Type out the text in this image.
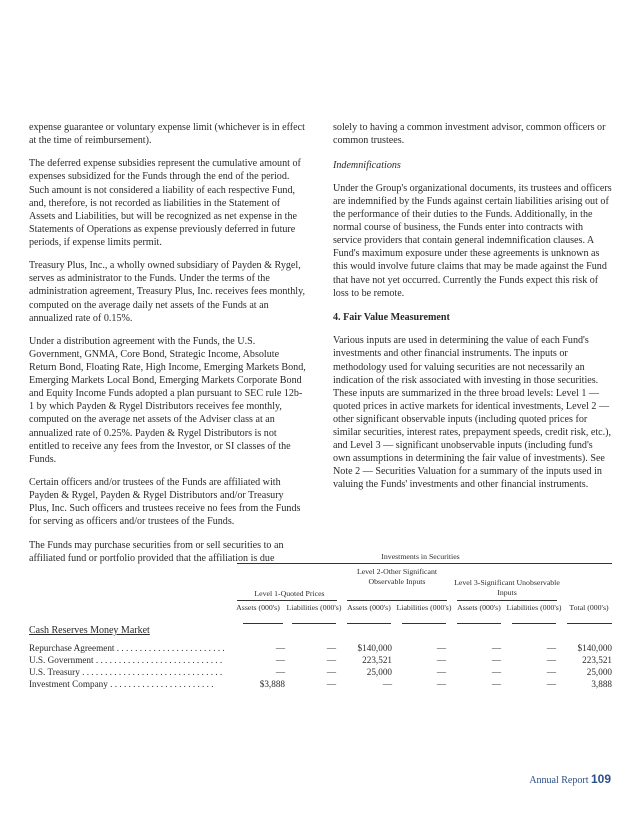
expense guarantee or voluntary expense limit (whichever is in effect at the time of reimbursement).

The deferred expense subsidies represent the cumulative amount of expenses subsidized for the Funds through the end of the period. Such amount is not considered a liability of each respective Fund, and, therefore, is not recorded as liabilities in the Statement of Assets and Liabilities, but will be recognized as net expense in the Statements of Operations as expense previously deferred in future periods, if expense limits permit.

Treasury Plus, Inc., a wholly owned subsidiary of Payden & Rygel, serves as administrator to the Funds. Under the terms of the administration agreement, Treasury Plus, Inc. receives fees monthly, computed on the average daily net assets of the Funds at an annualized rate of 0.15%.

Under a distribution agreement with the Funds, the U.S. Government, GNMA, Core Bond, Strategic Income, Absolute Return Bond, Floating Rate, High Income, Emerging Markets Bond, Emerging Markets Local Bond, Emerging Markets Corporate Bond and Equity Income Funds adopted a plan pursuant to SEC rule 12b-1 by which Payden & Rygel Distributors receives fee monthly, computed on the average net assets of the Adviser class at an annualized rate of 0.25%. Payden & Rygel Distributors is not entitled to receive any fees from the Investor, or SI classes of the Funds.

Certain officers and/or trustees of the Funds are affiliated with Payden & Rygel, Payden & Rygel Distributors and/or Treasury Plus, Inc. Such officers and trustees receive no fees from the Funds for serving as officers and/or trustees of the Funds.

The Funds may purchase securities from or sell securities to an affiliated fund or portfolio provided that the affiliation is due

solely to having a common investment advisor, common officers or common trustees.

Indemnifications

Under the Group's organizational documents, its trustees and officers are indemnified by the Funds against certain liabilities arising out of the performance of their duties to the Funds. Additionally, in the normal course of business, the Funds enter into contracts with service providers that contain general indemnification clauses. A Fund's maximum exposure under these agreements is unknown as this would involve future claims that may be made against the Fund that have not yet occurred. Currently the Funds expect this risk of loss to be remote.

4. Fair Value Measurement

Various inputs are used in determining the value of each Fund's investments and other financial instruments. The inputs or methodology used for valuing securities are not necessarily an indication of the risk associated with investing in those securities. These inputs are summarized in the three broad levels: Level 1 — quoted prices in active markets for identical investments, Level 2 — other significant observable inputs (including quoted prices for similar securities, interest rates, prepayment speeds, credit risk, etc.), and Level 3 — significant unobservable inputs (including fund's own assumptions in determining the fair value of investments). See Note 2 — Securities Valuation for a summary of the inputs used in valuing the Funds' investments and other financial instruments.

Investments in Securities
Level 1-Quoted Prices
Level 2-Other Significant Observable Inputs	Level 3-Significant Unobservable Inputs
Assets (000's) Liabilities (000's) Assets (000's) Liabilities (000's) Assets (000's) Liabilities (000's)	Total (000's)
Cash Reserves Money Market
Repurchase Agreement . . . . . . . . . . . . . . . . . . . . . . . .	—	—	$140,000	—	—	—	$140,000
U.S. Government . . . . . . . . . . . . . . . . . . . . . . . . . . . .	—	—	223,521	—	—	—	223,521
U.S. Treasury . . . . . . . . . . . . . . . . . . . . . . . . . . . . . . .	—	—	25,000	—	—	—	25,000
Investment Company . . . . . . . . . . . . . . . . . . . . . . .	$3,888	—	—	—	—	—	3,888
Annual Report 109
